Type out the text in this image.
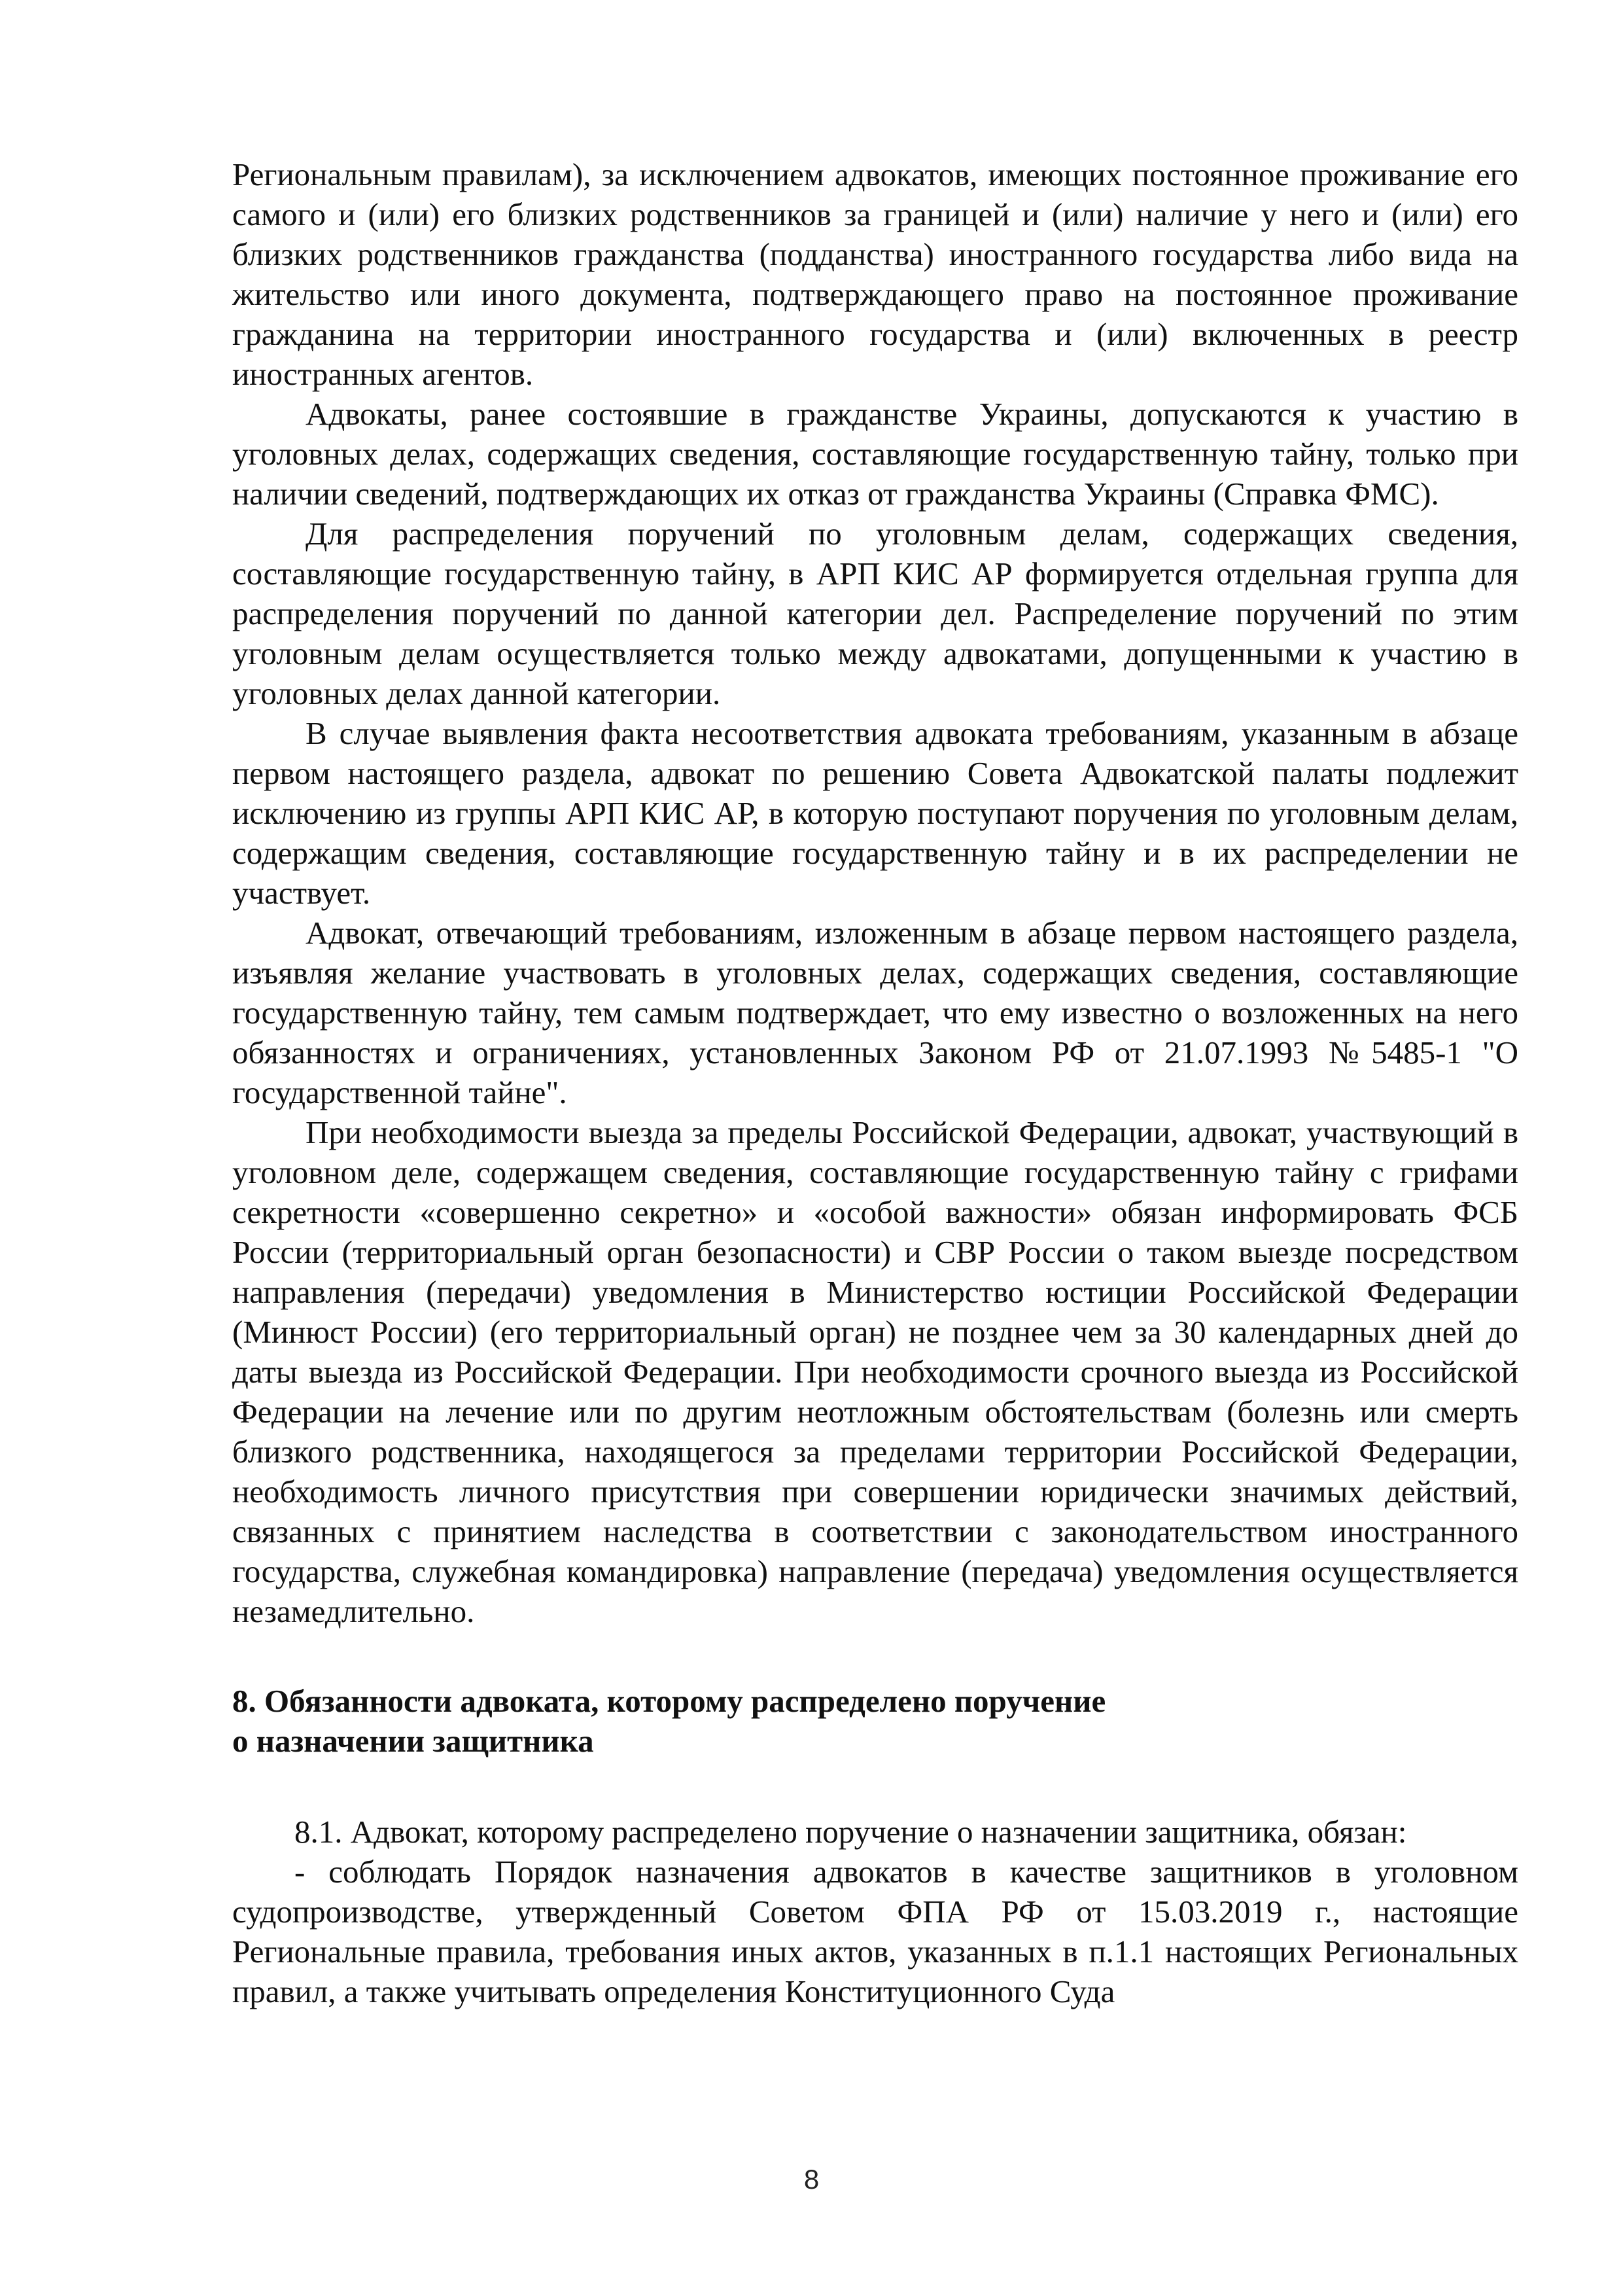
Региональным правилам), за исключением адвокатов, имеющих постоянное проживание его самого и (или) его близких родственников за границей и (или) наличие у него и (или) его близких родственников гражданства (подданства) иностранного государства либо вида на жительство или иного документа, подтверждающего право на постоянное проживание гражданина на территории иностранного государства и (или) включенных в реестр иностранных агентов.

Адвокаты, ранее состоявшие в гражданстве Украины, допускаются к участию в уголовных делах, содержащих сведения, составляющие государственную тайну, только при наличии сведений, подтверждающих их отказ от гражданства Украины (Справка ФМС).

Для распределения поручений по уголовным делам, содержащих сведения, составляющие государственную тайну, в АРП КИС АР формируется отдельная группа для распределения поручений по данной категории дел. Распределение поручений по этим уголовным делам осуществляется только между адвокатами, допущенными к участию в уголовных делах данной категории.

В случае выявления факта несоответствия адвоката требованиям, указанным в абзаце первом настоящего раздела, адвокат по решению Совета Адвокатской палаты подлежит исключению из группы АРП КИС АР, в которую поступают поручения по уголовным делам, содержащим сведения, составляющие государственную тайну и в их распределении не участвует.

Адвокат, отвечающий требованиям, изложенным в абзаце первом настоящего раздела, изъявляя желание участвовать в уголовных делах, содержащих сведения, составляющие государственную тайну, тем самым подтверждает, что ему известно о возложенных на него обязанностях и ограничениях, установленных Законом РФ от 21.07.1993 №5485-1 "О государственной тайне".

При необходимости выезда за пределы Российской Федерации, адвокат, участвующий в уголовном деле, содержащем сведения, составляющие государственную тайну с грифами секретности «совершенно секретно» и «особой важности» обязан информировать ФСБ России (территориальный орган безопасности) и СВР России о таком выезде посредством направления (передачи) уведомления в Министерство юстиции Российской Федерации (Минюст России) (его территориальный орган) не позднее чем за 30 календарных дней до даты выезда из Российской Федерации. При необходимости срочного выезда из Российской Федерации на лечение или по другим неотложным обстоятельствам (болезнь или смерть близкого родственника, находящегося за пределами территории Российской Федерации, необходимость личного присутствия при совершении юридически значимых действий, связанных с принятием наследства в соответствии с законодательством иностранного государства, служебная командировка) направление (передача) уведомления осуществляется незамедлительно.

8. Обязанности адвоката, которому распределено поручение

о назначении защитника

8.1. Адвокат, которому распределено поручение о назначении защитника, обязан:

- соблюдать Порядок назначения адвокатов в качестве защитников в уголовном судопроизводстве, утвержденный Советом ФПА РФ от 15.03.2019 г., настоящие Региональные правила, требования иных актов, указанных в п.1.1 настоящих Региональных правил, а также учитывать определения Конституционного Суда

8
